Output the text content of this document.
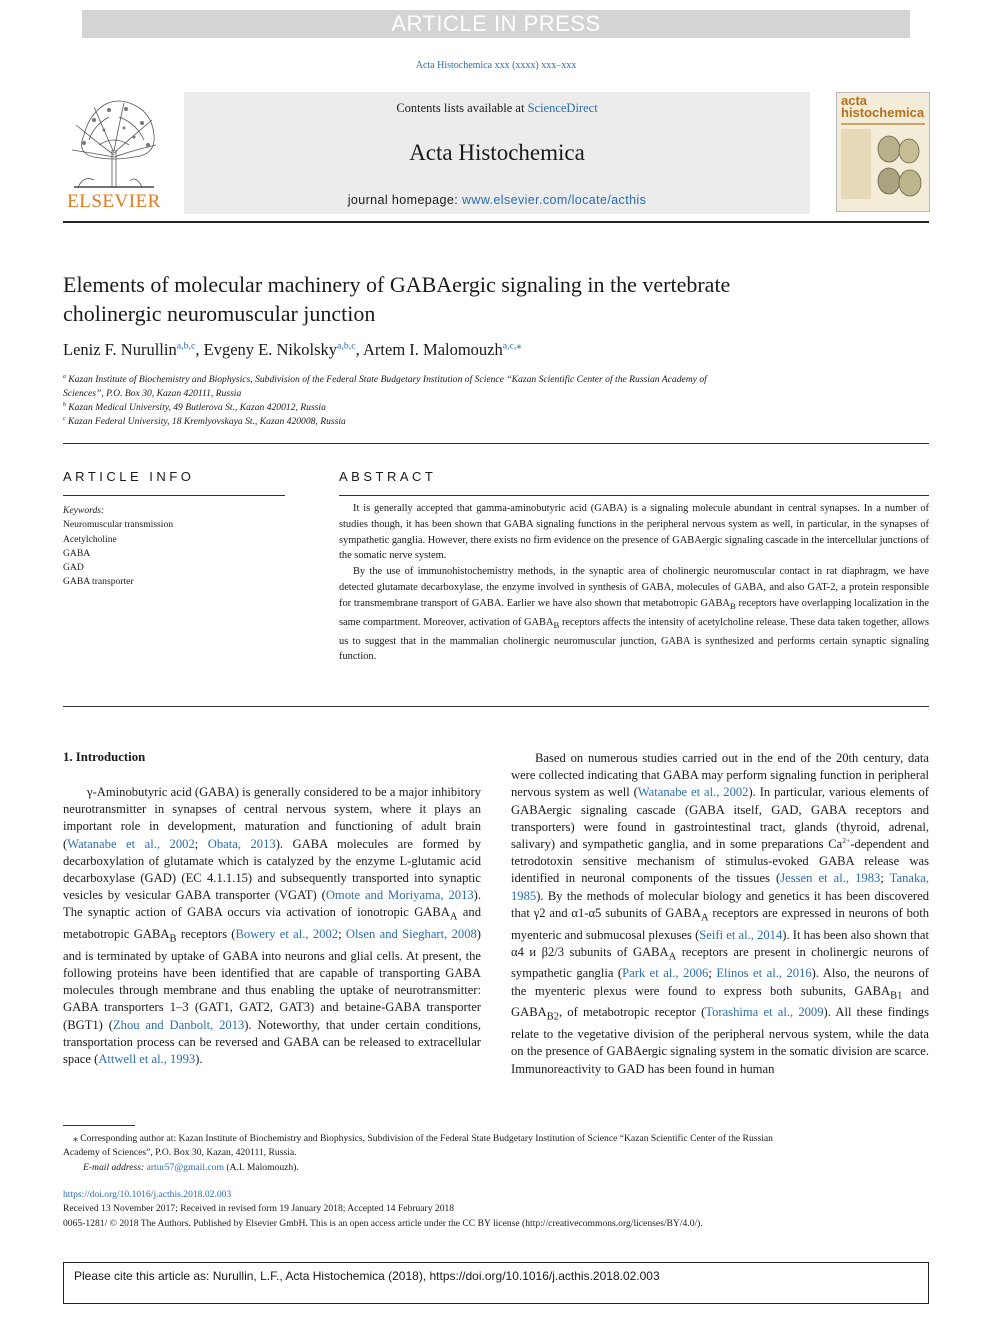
ARTICLE IN PRESS
Acta Histochemica xxx (xxxx) xxx–xxx
ELSEVIER
Contents lists available at ScienceDirect
Acta Histochemica
journal homepage: www.elsevier.com/locate/acthis
acta
histochemica
Elements of molecular machinery of GABAergic signaling in the vertebrate
cholinergic neuromuscular junction
Leniz F. Nurullin$^{a,b,c}$, Evgeny E. Nikolsky$^{a,b,c}$, Artem I. Malomouzh$^{a,c,⁎}$
$^a$ Kazan Institute of Biochemistry and Biophysics, Subdivision of the Federal State Budgetary Institution of Science “Kazan Scientific Center of the Russian Academy of
Sciences”, P.O. Box 30, Kazan 420111, Russia
$^b$ Kazan Medical University, 49 Butlerova St., Kazan 420012, Russia
$^c$ Kazan Federal University, 18 Kremlyovskaya St., Kazan 420008, Russia
ARTICLE INFO
Keywords:
Neuromuscular transmission
Acetylcholine
GABA
GAD
GABA transporter
ABSTRACT

It is generally accepted that gamma-aminobutyric acid (GABA) is a signaling molecule abundant in central synapses. In a number of studies though, it has been shown that GABA signaling functions in the peripheral nervous system as well, in particular, in the synapses of sympathetic ganglia. However, there exists no firm evidence on the presence of GABAergic signaling cascade in the intercellular junctions of the somatic nerve system.

By the use of immunohistochemistry methods, in the synaptic area of cholinergic neuromuscular contact in rat diaphragm, we have detected glutamate decarboxylase, the enzyme involved in synthesis of GABA, molecules of GABA, and also GAT-2, a protein responsible for transmembrane transport of GABA. Earlier we have also shown that metabotropic $GABA_B$ receptors have overlapping localization in the same compartment. Moreover, activation of $GABA_B$ receptors affects the intensity of acetylcholine release. These data taken together, allows us to suggest that in the mammalian cholinergic neuromuscular junction, GABA is synthesized and performs certain synaptic signaling function.

1. Introduction

γ-Aminobutyric acid (GABA) is generally considered to be a major inhibitory neurotransmitter in synapses of central nervous system, where it plays an important role in development, maturation and functioning of adult brain (Watanabe et al., 2002; Obata, 2013). GABA molecules are formed by decarboxylation of glutamate which is catalyzed by the enzyme L-glutamic acid decarboxylase (GAD) (EC 4.1.1.15) and subsequently transported into synaptic vesicles by vesicular GABA transporter (VGAT) (Omote and Moriyama, 2013). The synaptic action of GABA occurs via activation of ionotropic $GABA_A$ and metabotropic $GABA_B$ receptors (Bowery et al., 2002; Olsen and Sieghart, 2008) and is terminated by uptake of GABA into neurons and glial cells. At present, the following proteins have been identified that are capable of transporting GABA molecules through membrane and thus enabling the uptake of neurotransmitter: GABA transporters 1–3 (GAT1, GAT2, GAT3) and betaine-GABA transporter (BGT1) (Zhou and Danbolt, 2013). Noteworthy, that under certain conditions, transportation process can be reversed and GABA can be released to extracellular space (Attwell et al., 1993).

Based on numerous studies carried out in the end of the 20th century, data were collected indicating that GABA may perform signaling function in peripheral nervous system as well (Watanabe et al., 2002). In particular, various elements of GABAergic signaling cascade (GABA itself, GAD, GABA receptors and transporters) were found in gastrointestinal tract, glands (thyroid, adrenal, salivary) and sympathetic ganglia, and in some preparations $Ca^{2+}$-dependent and tetrodotoxin sensitive mechanism of stimulus-evoked GABA release was identified in neuronal components of the tissues (Jessen et al., 1983; Tanaka, 1985). By the methods of molecular biology and genetics it has been discovered that γ2 and α1-α5 subunits of $GABA_A$ receptors are expressed in neurons of both myenteric and submucosal plexuses (Seifi et al., 2014). It has been also shown that α4 и β2/3 subunits of $GABA_A$ receptors are present in cholinergic neurons of sympathetic ganglia (Park et al., 2006; Elinos et al., 2016). Also, the neurons of the myenteric plexus were found to express both subunits, $GABA_{B1}$ and $GABA_{B2}$, of metabotropic receptor (Torashima et al., 2009). All these findings relate to the vegetative division of the peripheral nervous system, while the data on the presence of GABAergic signaling system in the somatic division are scarce. Immunoreactivity to GAD has been found in human

⁎ Corresponding author at: Kazan Institute of Biochemistry and Biophysics, Subdivision of the Federal State Budgetary Institution of Science “Kazan Scientific Center of the Russian

Academy of Sciences”, P.O. Box 30, Kazan, 420111, Russia.

E-mail address: artur57@gmail.com (A.I. Malomouzh).

https://doi.org/10.1016/j.acthis.2018.02.003

Received 13 November 2017; Received in revised form 19 January 2018; Accepted 14 February 2018

0065-1281/ © 2018 The Authors. Published by Elsevier GmbH. This is an open access article under the CC BY license (http://creativecommons.org/licenses/BY/4.0/).

Please cite this article as: Nurullin, L.F., Acta Histochemica (2018), https://doi.org/10.1016/j.acthis.2018.02.003
